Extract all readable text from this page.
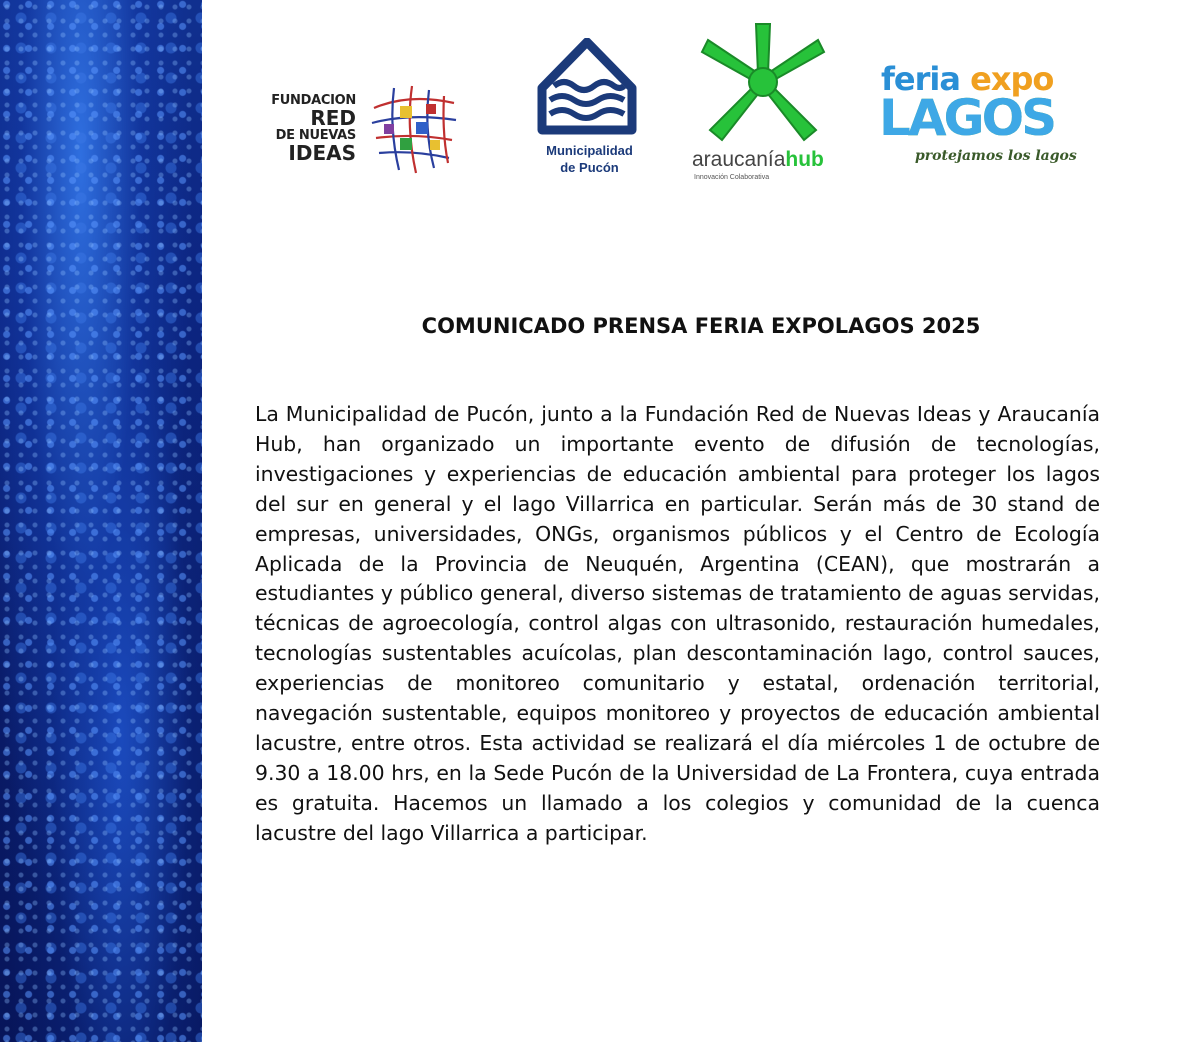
FUNDACION
RED
DE NUEVAS
IDEAS	Municipalidad
de Pucón	araucaníahub
Innovación Colaborativa
feria expo
LAGOS
protejamos los lagos
COMUNICADO PRENSA FERIA EXPOLAGOS 2025

La Municipalidad de Pucón, junto a la Fundación Red de Nuevas Ideas y Araucanía Hub, han organizado un importante evento de difusión de tecnologías, investigaciones y experiencias de educación ambiental para proteger los lagos del sur en general y el lago Villarrica en particular. Serán más de 30 stand de empresas, universidades, ONGs, organismos públicos y el Centro de Ecología Aplicada de la Provincia de Neuquén, Argentina (CEAN), que mostrarán a estudiantes y público general, diverso sistemas de tratamiento de aguas servidas, técnicas de agroecología, control algas con ultrasonido, restauración humedales, tecnologías sustentables acuícolas, plan descontaminación lago, control sauces, experiencias de monitoreo comunitario y estatal, ordenación territorial, navegación sustentable, equipos monitoreo y proyectos de educación ambiental lacustre, entre otros. Esta actividad se realizará el día miércoles 1 de octubre de 9.30 a 18.00 hrs, en la Sede Pucón de la Universidad de La Frontera, cuya entrada es gratuita. Hacemos un llamado a los colegios y comunidad de la cuenca lacustre del lago Villarrica a participar.
